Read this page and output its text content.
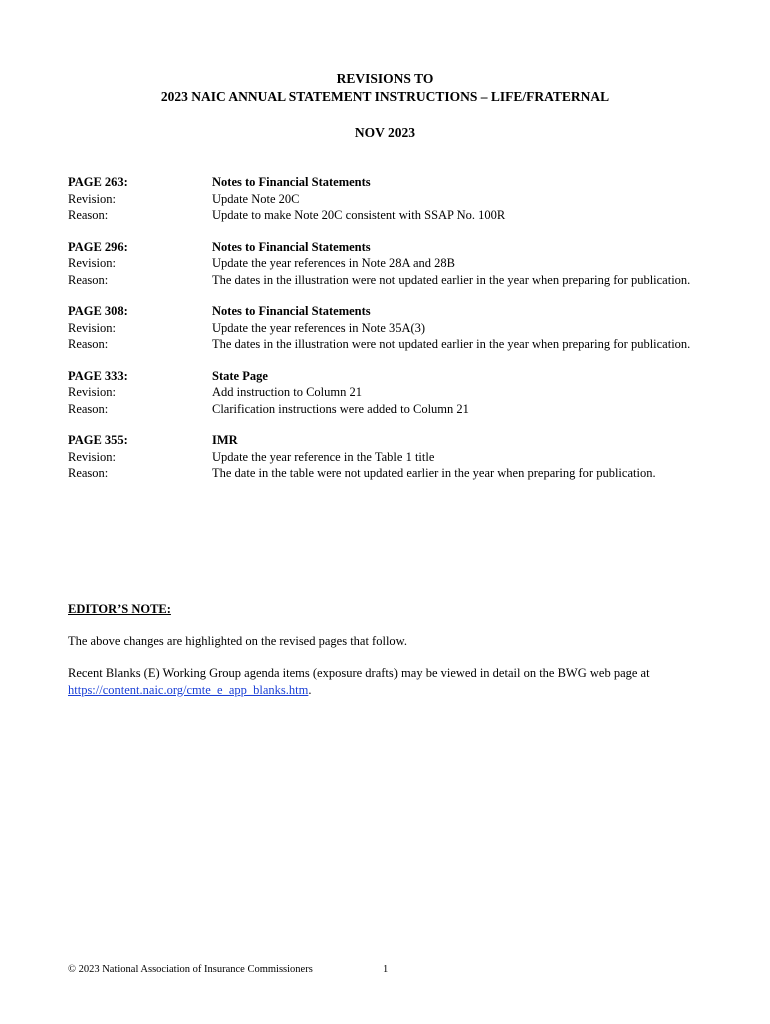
REVISIONS TO
2023 NAIC ANNUAL STATEMENT INSTRUCTIONS – LIFE/FRATERNAL
NOV 2023
PAGE 263:
Revision:
Reason:
Notes to Financial Statements
Update Note 20C
Update to make Note 20C consistent with SSAP No. 100R
PAGE 296:
Revision:
Reason:
Notes to Financial Statements
Update the year references in Note 28A and 28B
The dates in the illustration were not updated earlier in the year when preparing for publication.
PAGE 308:
Revision:
Reason:
Notes to Financial Statements
Update the year references in Note 35A(3)
The dates in the illustration were not updated earlier in the year when preparing for publication.
PAGE 333:
Revision:
Reason:
State Page
Add instruction to Column 21
Clarification instructions were added to Column 21
PAGE 355:
Revision:
Reason:
IMR
Update the year reference in the Table 1 title
The date in the table were not updated earlier in the year when preparing for publication.
EDITOR’S NOTE:

The above changes are highlighted on the revised pages that follow.

Recent Blanks (E) Working Group agenda items (exposure drafts) may be viewed in detail on the BWG web page at https://content.naic.org/cmte_e_app_blanks.htm.

© 2023 National Association of Insurance Commissioners	1
